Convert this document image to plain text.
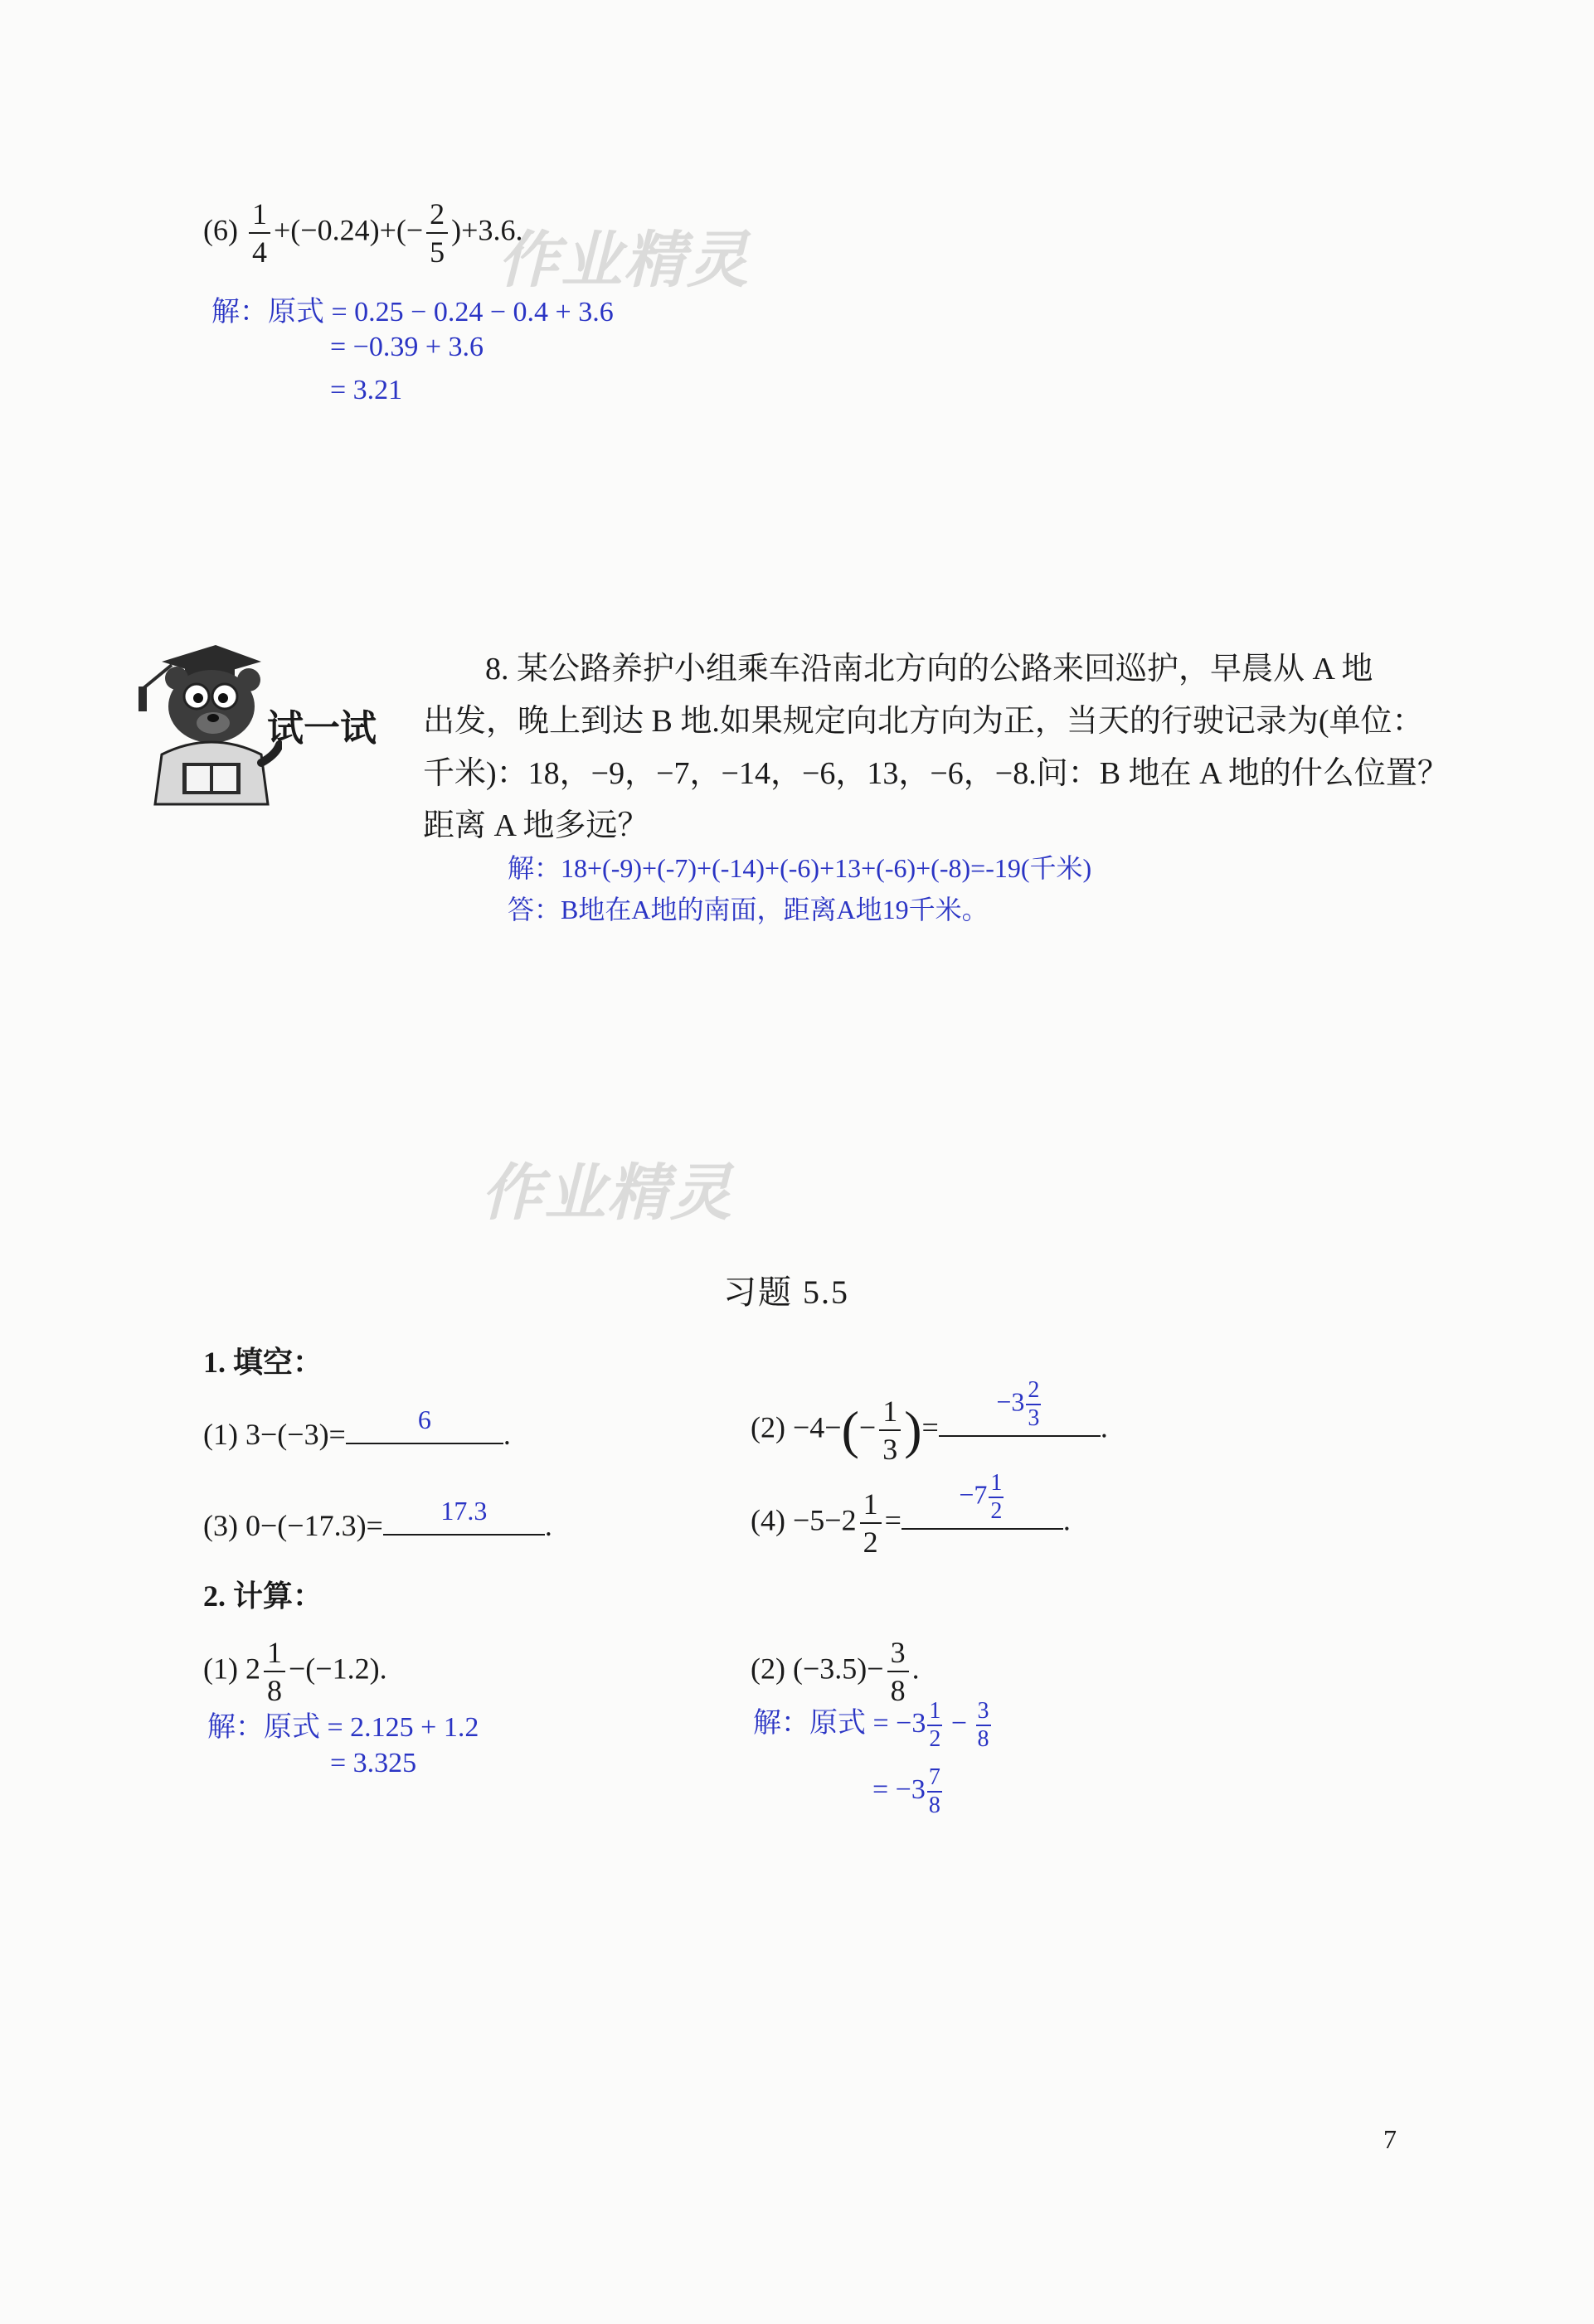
$(6) \frac{1}{4} +(-0.24)+(- \frac{2}{5} )+3.6$.
作业精灵
解：原式 = 0.25 − 0.24 − 0.4 + 3.6
= −0.39 + 3.6
= 3.21
试一试
8. 某公路养护小组乘车沿南北方向的公路来回巡护，早晨从 A 地
出发，晚上到达 B 地.如果规定向北方向为正，当天的行驶记录为(单位：
千米)：18，−9，−7，−14，−6，13，−6，−8.问：B 地在 A 地的什么位置？
距离 A 地多远？
解：18+(-9)+(-7)+(-14)+(-6)+13+(-6)+(-8)=-19(千米)
答：B地在A地的南面，距离A地19千米。
作业精灵
习题 5.5
1. 填空：
(1) 3−(−3)=	6	.	$(2) -4-(- \frac{1}{3}$ )=
$-3 \frac{2}{3}$ .
(3) 0−(−17.3)=	17.3	.	$(4) -5-2 \frac{1}{2}$ =
$-7 \frac{1}{2}$ .
2. 计算：
(1) $2 \frac{1}{8} -(-1.2)$.
解：原式 = 2.125 + 1.2
= 3.325
(2) $(-3.5)- \frac{3}{8}$ .
解：原式 = $-3 \frac{1}{2} - \frac{3}{8}$
= $-3 \frac{7}{8}$
7
